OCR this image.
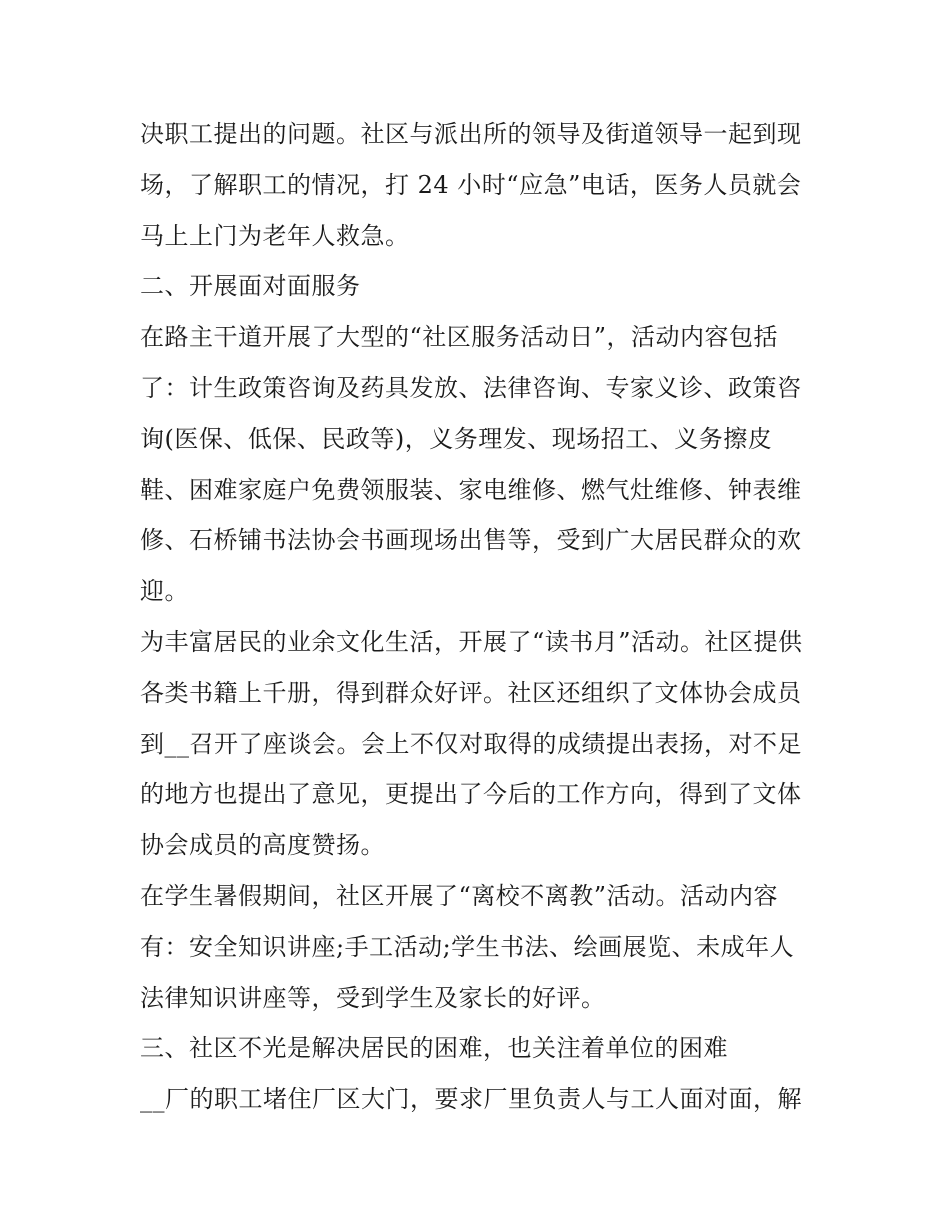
决职工提出的问题。社区与派出所的领导及街道领导一起到现
场，了解职工的情况，打 24 小时“应急”电话，医务人员就会
马上上门为老年人救急。
二、开展面对面服务
在路主干道开展了大型的“社区服务活动日”，活动内容包括
了：计生政策咨询及药具发放、法律咨询、专家义诊、政策咨
询(医保、低保、民政等)，义务理发、现场招工、义务擦皮
鞋、困难家庭户免费领服装、家电维修、燃气灶维修、钟表维
修、石桥铺书法协会书画现场出售等，受到广大居民群众的欢
迎。
为丰富居民的业余文化生活，开展了“读书月”活动。社区提供
各类书籍上千册，得到群众好评。社区还组织了文体协会成员
到__召开了座谈会。会上不仅对取得的成绩提出表扬，对不足
的地方也提出了意见，更提出了今后的工作方向，得到了文体
协会成员的高度赞扬。
在学生暑假期间，社区开展了“离校不离教”活动。活动内容
有：安全知识讲座;手工活动;学生书法、绘画展览、未成年人
法律知识讲座等，受到学生及家长的好评。
三、社区不光是解决居民的困难，也关注着单位的困难
__厂的职工堵住厂区大门，要求厂里负责人与工人面对面，解
